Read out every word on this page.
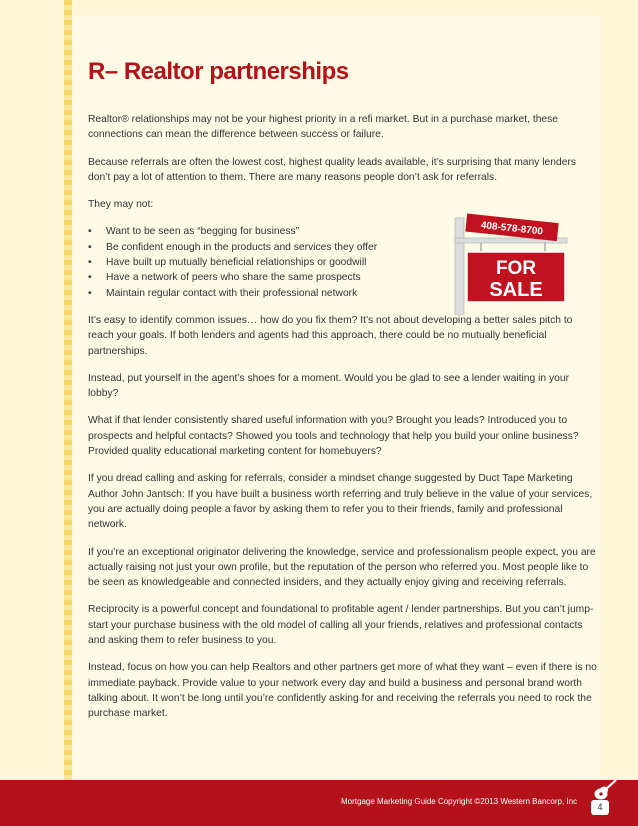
R– Realtor partnerships

Realtor® relationships may not be your highest priority in a refi market. But in a purchase market, these connections can mean the difference between success or failure.

Because referrals are often the lowest cost, highest quality leads available, it’s surprising that many lenders don’t pay a lot of attention to them. There are many reasons people don’t ask for referrals.

They may not:

• Want to be seen as “begging for business”
• Be confident enough in the products and services they offer
• Have built up mutually beneficial relationships or goodwill
• Have a network of peers who share the same prospects
• Maintain regular contact with their professional network

It’s easy to identify common issues… how do you fix them? It’s not about developing a better sales pitch to reach your goals. If both lenders and agents had this approach, there could be no mutually beneficial partnerships.

Instead, put yourself in the agent’s shoes for a moment. Would you be glad to see a lender waiting in your lobby?

What if that lender consistently shared useful information with you? Brought you leads? Introduced you to prospects and helpful contacts? Showed you tools and technology that help you build your online business? Provided quality educational marketing content for homebuyers?

If you dread calling and asking for referrals, consider a mindset change suggested by Duct Tape Marketing Author John Jantsch: If you have built a business worth referring and truly believe in the value of your services, you are actually doing people a favor by asking them to refer you to their friends, family and professional network.

If you’re an exceptional originator delivering the knowledge, service and professionalism people expect, you are actually raising not just your own profile, but the reputation of the person who referred you. Most people like to be seen as knowledgeable and connected insiders, and they actually enjoy giving and receiving referrals.

Reciprocity is a powerful concept and foundational to profitable agent / lender partnerships. But you can’t jump-start your purchase business with the old model of calling all your friends, relatives and professional contacts and asking them to refer business to you.

Instead, focus on how you can help Realtors and other partners get more of what they want – even if there is no immediate payback. Provide value to your network every day and build a business and personal brand worth talking about. It won’t be long until you’re confidently asking for and receiving the referrals you need to rock the purchase market.

408-578-8700
FOR
SALE
Mortgage Marketing Guide Copyright ©2013 Western Bancorp, Inc
4
